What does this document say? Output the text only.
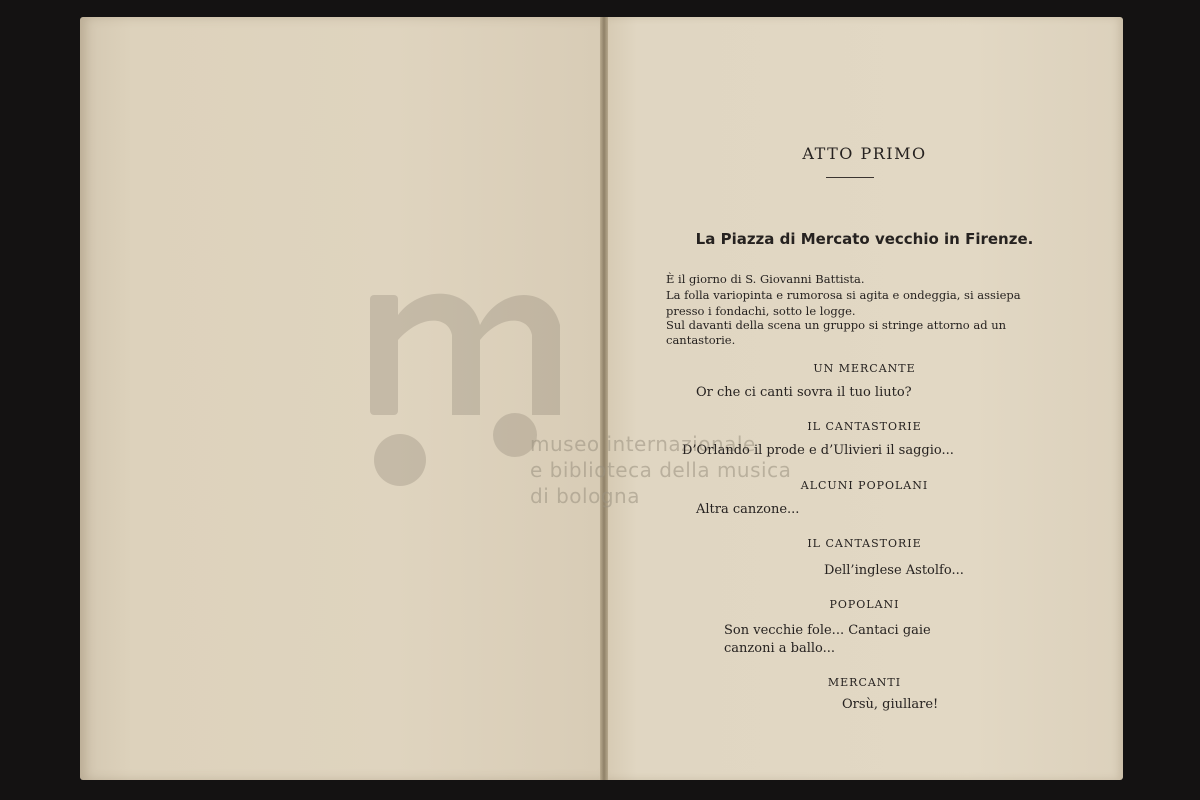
museo internazionale
e biblioteca della musica
di bologna
ATTO PRIMO
La Piazza di Mercato vecchio in Firenze.
È il giorno di S. Giovanni Battista.
La folla variopinta e rumorosa si agita e ondeggia, si assiepa
presso i fondachi, sotto le logge.
Sul davanti della scena un gruppo si stringe attorno ad un
cantastorie.
UN MERCANTE
Or che ci canti sovra il tuo liuto?
IL CANTASTORIE
D’Orlando il prode e d’Ulivieri il saggio...
ALCUNI POPOLANI
Altra canzone...
IL CANTASTORIE
Dell’inglese Astolfo...
POPOLANI
Son vecchie fole... Cantaci gaie
canzoni a ballo...
MERCANTI
Orsù, giullare!
